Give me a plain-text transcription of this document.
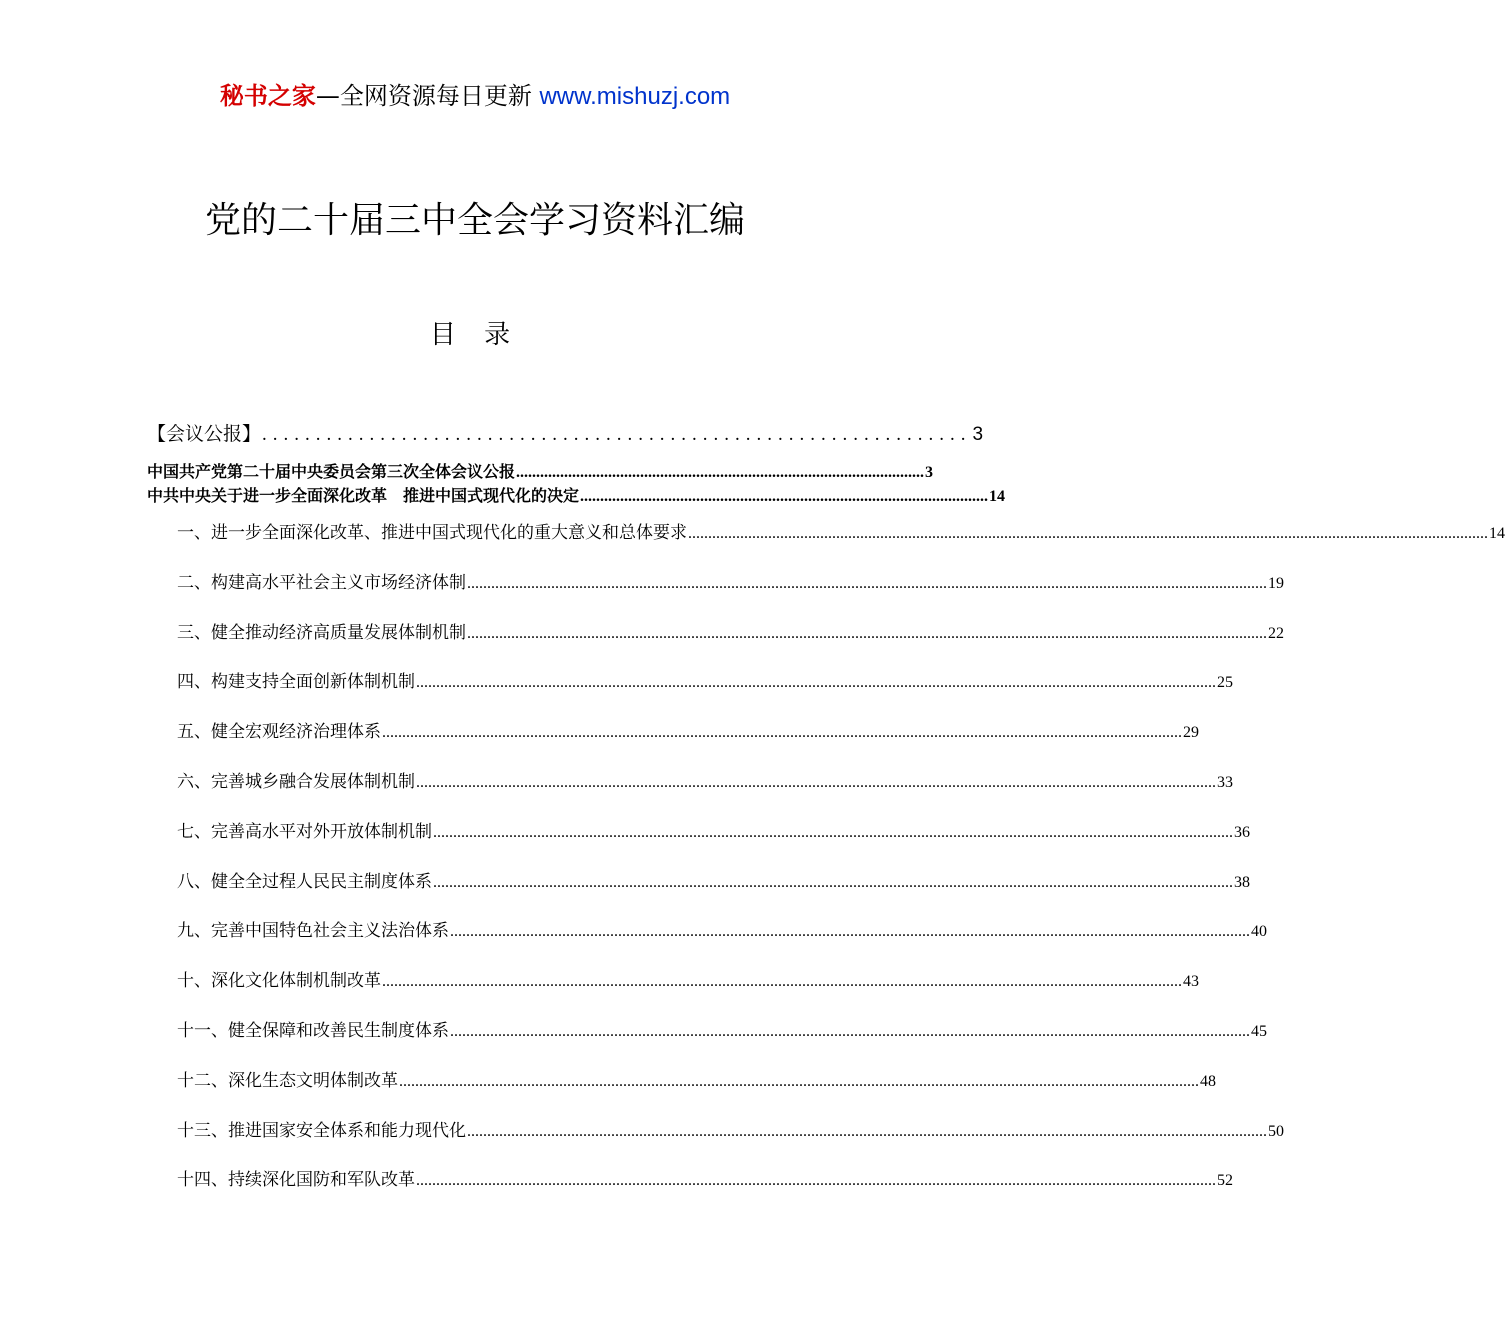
秘书之家—全网资源每日更新 www.mishuzj.com
党的二十届三中全会学习资料汇编
目 录
【会议公报】 .................................................................. 3
中国共产党第二十届中央委员会第三次全体会议公报 ...................................................................................................... 3
中共中央关于进一步全面深化改革　推进中国式现代化的决定 ...................................................................................................... 14
一、进一步全面深化改革、推进中国式现代化的重大意义和总体要求 ........................................................................................................................................................................................................ 14
二、构建高水平社会主义市场经济体制 ........................................................................................................................................................................................................ 19
三、健全推动经济高质量发展体制机制 ........................................................................................................................................................................................................ 22
四、构建支持全面创新体制机制 ........................................................................................................................................................................................................ 25
五、健全宏观经济治理体系 ........................................................................................................................................................................................................ 29
六、完善城乡融合发展体制机制 ........................................................................................................................................................................................................ 33
七、完善高水平对外开放体制机制 ........................................................................................................................................................................................................ 36
八、健全全过程人民民主制度体系 ........................................................................................................................................................................................................ 38
九、完善中国特色社会主义法治体系 ........................................................................................................................................................................................................ 40
十、深化文化体制机制改革 ........................................................................................................................................................................................................ 43
十一、健全保障和改善民生制度体系 ........................................................................................................................................................................................................ 45
十二、深化生态文明体制改革 ........................................................................................................................................................................................................ 48
十三、推进国家安全体系和能力现代化 ........................................................................................................................................................................................................ 50
十四、持续深化国防和军队改革 ........................................................................................................................................................................................................ 52
